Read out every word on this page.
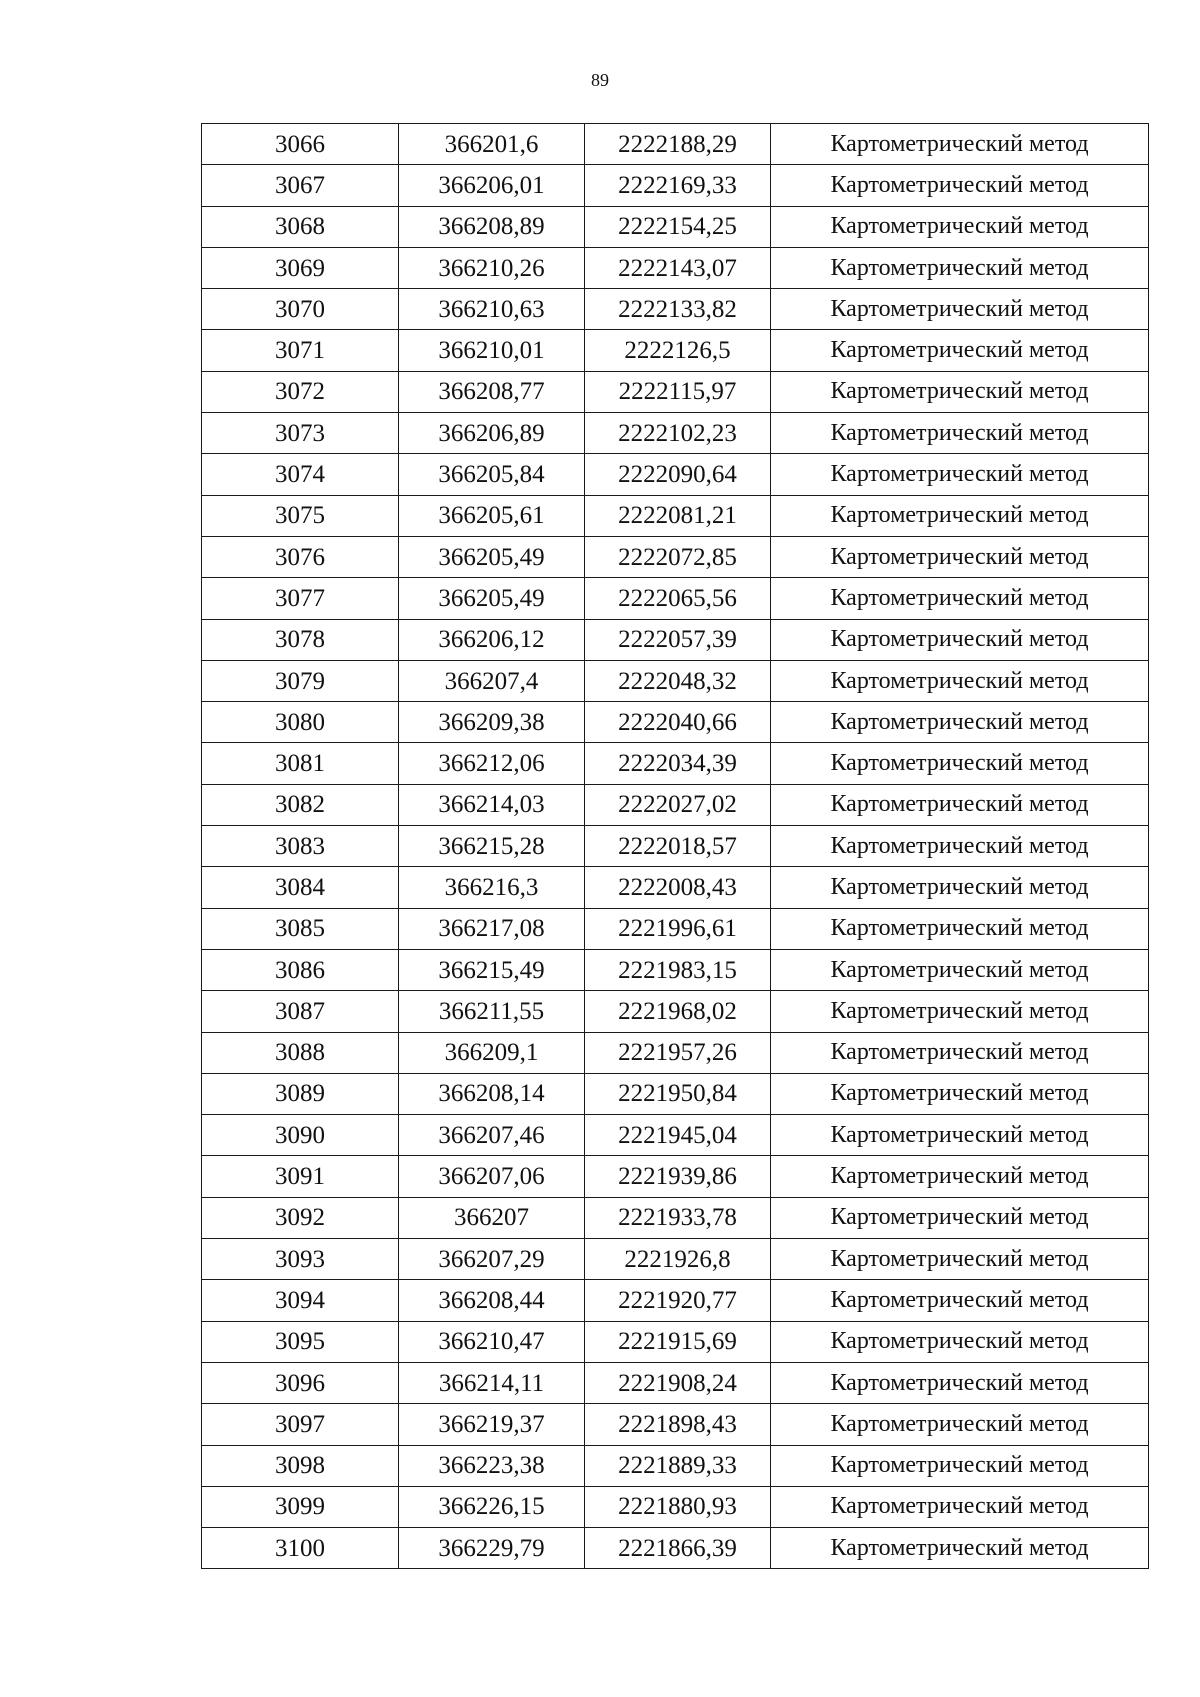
89
3066	366201,6	2222188,29	Картометрический метод
3067	366206,01	2222169,33	Картометрический метод
3068	366208,89	2222154,25	Картометрический метод
3069	366210,26	2222143,07	Картометрический метод
3070	366210,63	2222133,82	Картометрический метод
3071	366210,01	2222126,5	Картометрический метод
3072	366208,77	2222115,97	Картометрический метод
3073	366206,89	2222102,23	Картометрический метод
3074	366205,84	2222090,64	Картометрический метод
3075	366205,61	2222081,21	Картометрический метод
3076	366205,49	2222072,85	Картометрический метод
3077	366205,49	2222065,56	Картометрический метод
3078	366206,12	2222057,39	Картометрический метод
3079	366207,4	2222048,32	Картометрический метод
3080	366209,38	2222040,66	Картометрический метод
3081	366212,06	2222034,39	Картометрический метод
3082	366214,03	2222027,02	Картометрический метод
3083	366215,28	2222018,57	Картометрический метод
3084	366216,3	2222008,43	Картометрический метод
3085	366217,08	2221996,61	Картометрический метод
3086	366215,49	2221983,15	Картометрический метод
3087	366211,55	2221968,02	Картометрический метод
3088	366209,1	2221957,26	Картометрический метод
3089	366208,14	2221950,84	Картометрический метод
3090	366207,46	2221945,04	Картометрический метод
3091	366207,06	2221939,86	Картометрический метод
3092	366207	2221933,78	Картометрический метод
3093	366207,29	2221926,8	Картометрический метод
3094	366208,44	2221920,77	Картометрический метод
3095	366210,47	2221915,69	Картометрический метод
3096	366214,11	2221908,24	Картометрический метод
3097	366219,37	2221898,43	Картометрический метод
3098	366223,38	2221889,33	Картометрический метод
3099	366226,15	2221880,93	Картометрический метод
3100	366229,79	2221866,39	Картометрический метод
